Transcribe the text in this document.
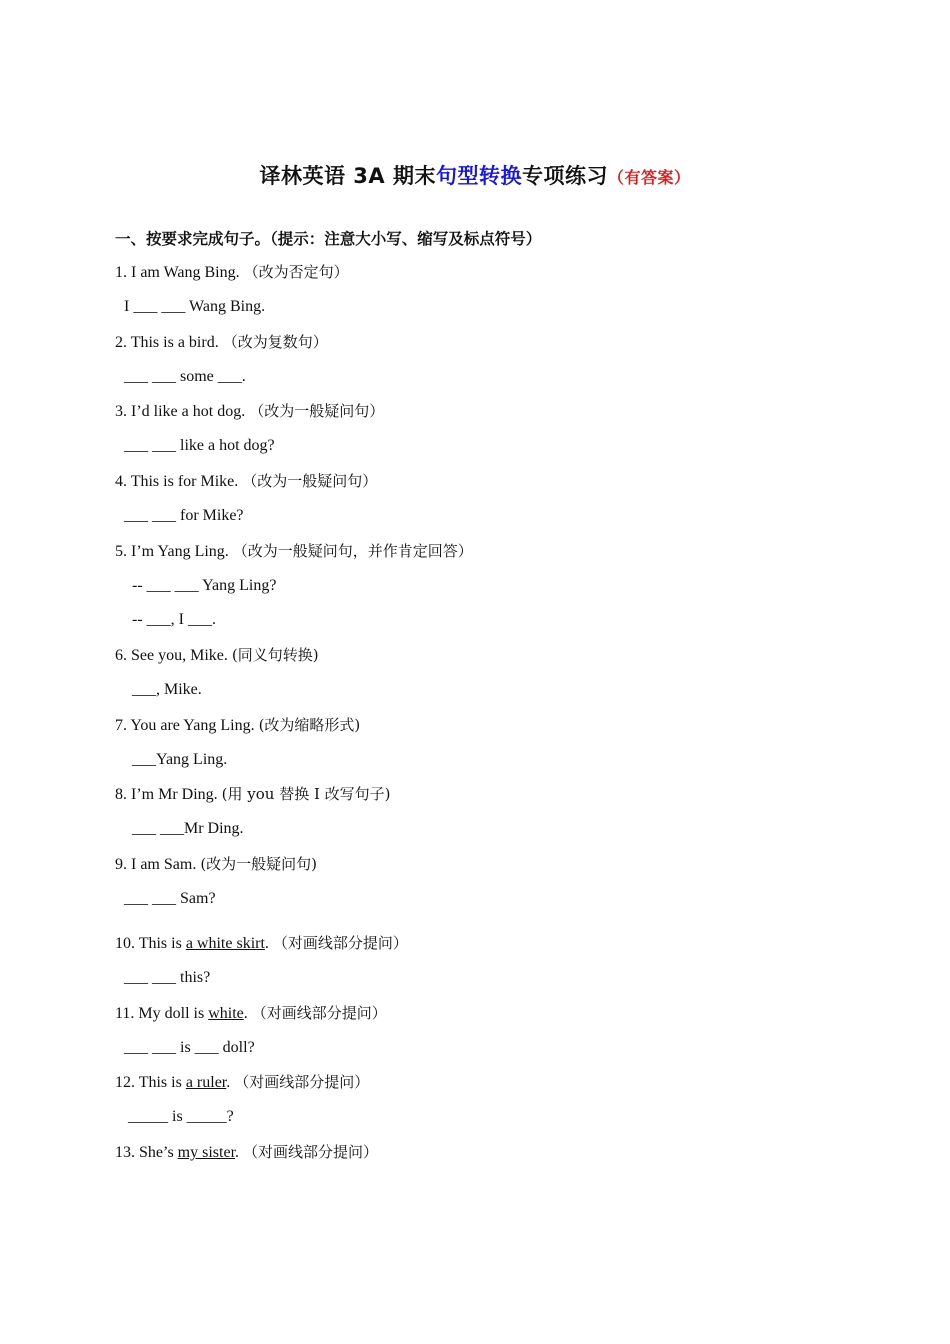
译林英语 3A 期末句型转换专项练习（有答案）
一、按要求完成句子。（提示：注意大小写、缩写及标点符号）
1. I am Wang Bing. （改为否定句）
I ___ ___ Wang Bing.
2. This is a bird. （改为复数句）
___ ___ some ___.
3. I’d like a hot dog. （改为一般疑问句）
___ ___ like a hot dog?
4. This is for Mike. （改为一般疑问句）
___ ___ for Mike?
5. I’m Yang Ling. （改为一般疑问句，并作肯定回答）
-- ___ ___ Yang Ling?
-- ___, I ___.
6. See you, Mike. (同义句转换)
___, Mike.
7. You are Yang Ling. (改为缩略形式)
___Yang Ling.
8. I’m Mr Ding. (用 you 替换 I 改写句子)
___ ___Mr Ding.
9. I am Sam. (改为一般疑问句)
___ ___ Sam?
10. This is a white skirt. （对画线部分提问）
___ ___ this?
11. My doll is white. （对画线部分提问）
___ ___ is ___ doll?
12. This is a ruler. （对画线部分提问）
_____ is _____?
13. She’s my sister. （对画线部分提问）
